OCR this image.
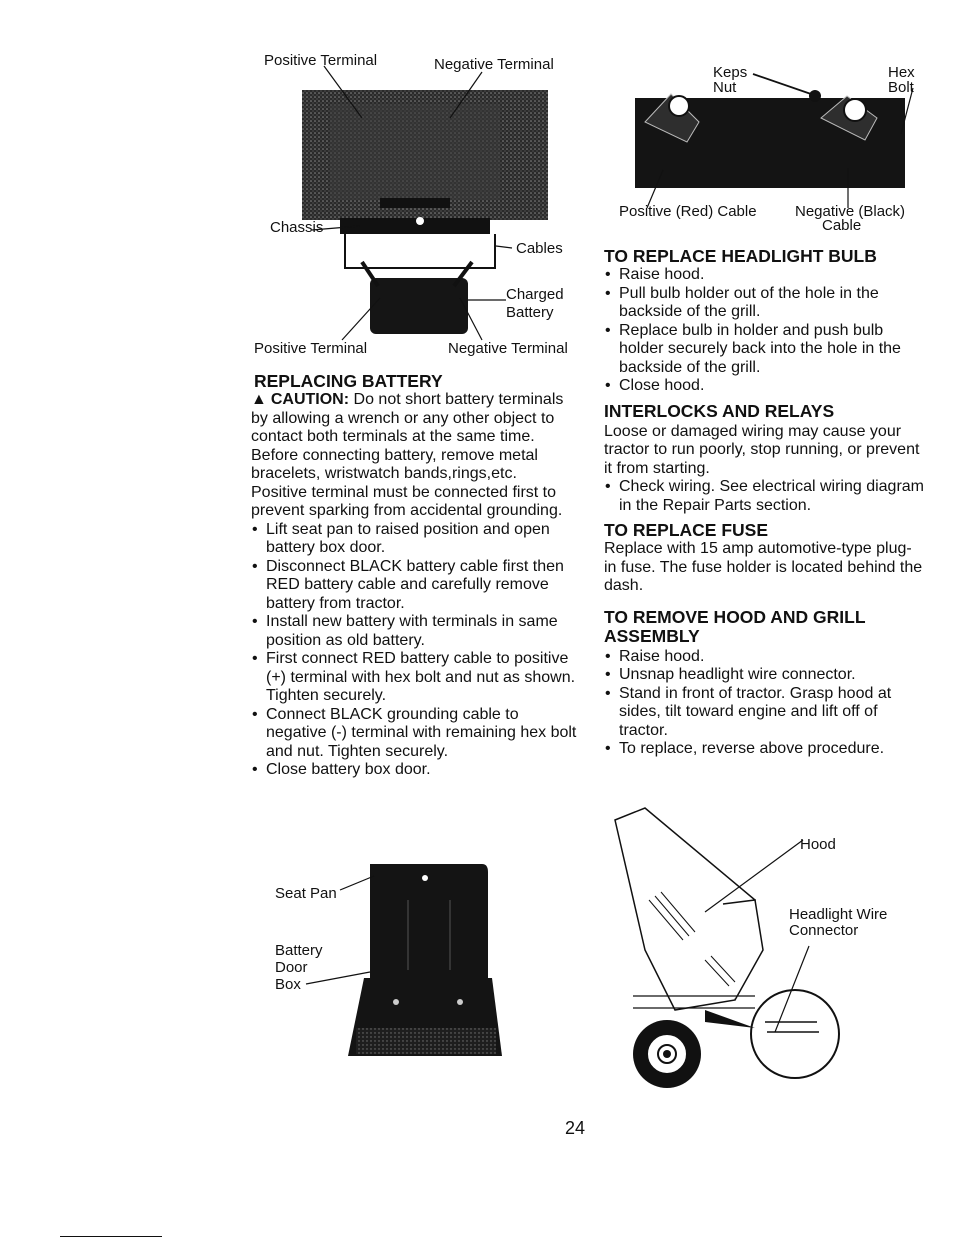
Positive Terminal	Negative Terminal
Chassis
Cables
Charged
Battery
Positive Terminal	Negative Terminal

REPLACING BATTERY

▲ CAUTION: Do not short battery terminals by allowing a wrench or any other object to contact both terminals at the same time. Before connecting battery, remove metal bracelets, wristwatch bands,rings,etc.

Positive terminal must be connected first to prevent sparking from accidental grounding.

• Lift seat pan to raised position and open battery box door.
• Disconnect BLACK battery cable first then RED battery cable and carefully remove battery from tractor.
• Install new battery with terminals in same position as old battery.
• First connect RED battery cable to positive (+) terminal with hex bolt and nut as shown. Tighten securely.
• Connect BLACK grounding cable to negative (-) terminal with remaining hex bolt and nut. Tighten securely.
• Close battery box door.
Seat Pan
Battery
Door
Box
Keps
Nut
Hex
Bolt
Positive (Red) Cable	Negative (Black)
Cable

TO REPLACE HEADLIGHT BULB

• Raise hood.
• Pull bulb holder out of the hole in the backside of the grill.
• Replace bulb in holder and push bulb holder securely back into the hole in the backside of the grill.
• Close hood.

INTERLOCKS AND RELAYS

Loose or damaged wiring may cause your tractor to run poorly, stop running, or prevent it from starting.

• Check wiring. See electrical wiring diagram in the Repair Parts section.

TO REPLACE FUSE

Replace with 15 amp automotive-type plug-in fuse. The fuse holder is located behind the dash.

TO REMOVE HOOD AND GRILL

ASSEMBLY

• Raise hood.
• Unsnap headlight wire connector.
• Stand in front of tractor. Grasp hood at sides, tilt toward engine and lift off of tractor.
• To replace, reverse above procedure.
Hood
Headlight Wire
Connector
24
